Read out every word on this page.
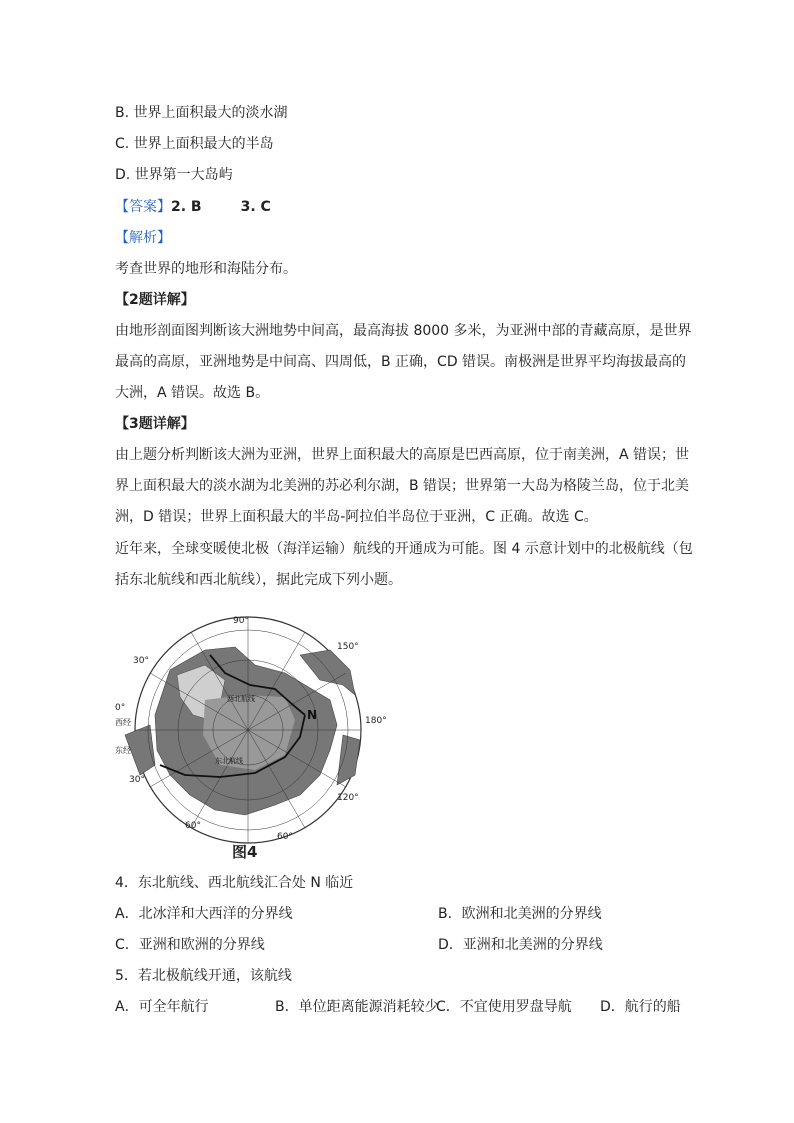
B. 世界上面积最大的淡水湖
C. 世界上面积最大的半岛
D. 世界第一大岛屿
【答案】2. B        3. C
【解析】
考查世界的地形和海陆分布。
【2题详解】
由地形剖面图判断该大洲地势中间高，最高海拔 8000 多米，为亚洲中部的青藏高原，是世界
最高的高原，亚洲地势是中间高、四周低，B 正确，CD 错误。南极洲是世界平均海拔最高的
大洲，A 错误。故选 B。
【3题详解】
由上题分析判断该大洲为亚洲，世界上面积最大的高原是巴西高原，位于南美洲，A 错误；世
界上面积最大的淡水湖为北美洲的苏必利尔湖，B 错误；世界第一大岛为格陵兰岛，位于北美
洲，D 错误；世界上面积最大的半岛-阿拉伯半岛位于亚洲，C 正确。故选 C。
近年来，全球变暖使北极（海洋运输）航线的开通成为可能。图 4 示意计划中的北极航线（包
括东北航线和西北航线），据此完成下列小题。
90°
150°
180°
120°
60°
30°
0°
30°
60°
西经
东经
N
西北航线
东北航线
图4
4．东北航线、西北航线汇合处 N 临近
A．北冰洋和大西洋的分界线	B．欧洲和北美洲的分界线
C．亚洲和欧洲的分界线	D．亚洲和北美洲的分界线
5．若北极航线开通，该航线
A．可全年航行	B．单位距离能源消耗较少
C．不宜使用罗盘导航 D．航行的船
